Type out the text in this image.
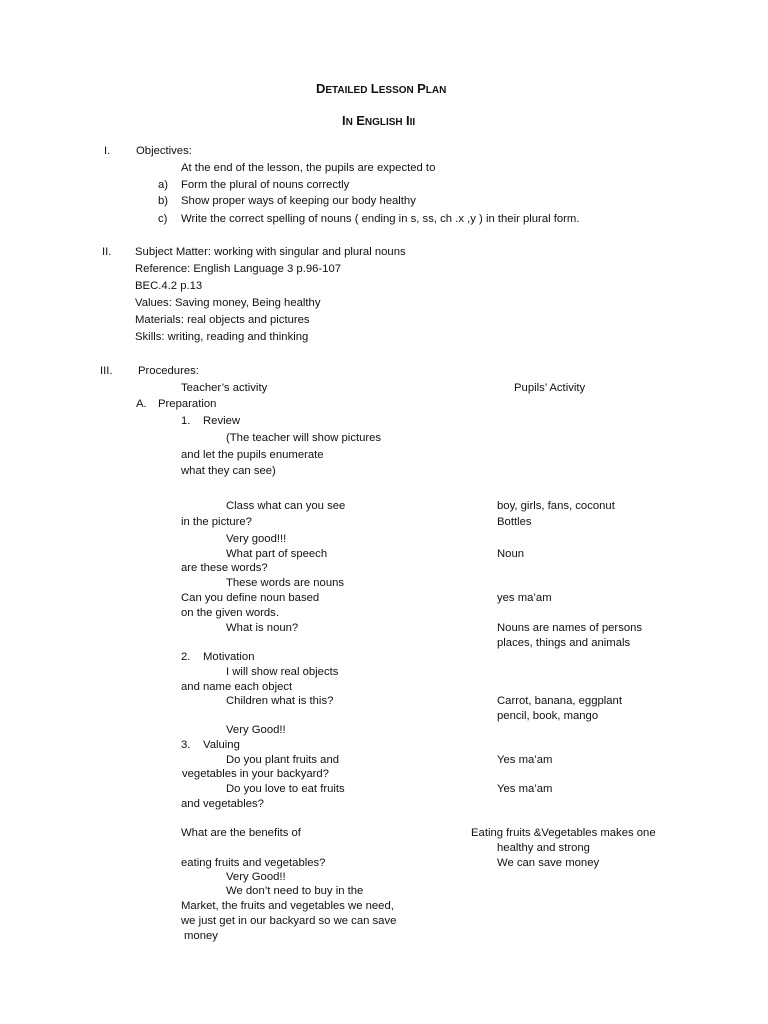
DETAILED LESSON PLAN
IN ENGLISH III
I. Objectives:
At the end of the lesson, the pupils are expected to
a) Form the plural of nouns correctly
b) Show proper ways of keeping our body healthy
c) Write the correct spelling of nouns ( ending in s, ss, ch .x ,y ) in their plural form.
II. Subject Matter: working with singular and plural nouns
Reference: English Language 3 p.96-107
BEC.4.2 p.13
Values: Saving money, Being healthy
Materials: real objects and pictures
Skills: writing, reading and thinking
III. Procedures:
Teacher’s activity	Pupils’ Activity
A. Preparation
1. Review
(The teacher will show pictures
and let the pupils enumerate
what they can see)
Class what can you see
in the picture?
Very good!!!
What part of speech
are these words?
These words are nouns
Can you define noun based
on the given words.
What is noun?
2. Motivation
I will show real objects
and name each object
Children what is this?
Very Good!!
3. Valuing
Do you plant fruits and
vegetables in your backyard?
Do you love to eat fruits
and vegetables?
What are the benefits of
eating fruits and vegetables?
Very Good!!
We don’t need to buy in the
Market, the fruits and vegetables we need,
we just get in our backyard so we can save
money
boy, girls, fans, coconut
Bottles
Noun
yes ma’am
Nouns are names of persons
places, things and animals
Carrot, banana, eggplant
pencil, book, mango
Yes ma’am
Yes ma’am
Eating fruits &Vegetables makes one
healthy and strong
We can save money
